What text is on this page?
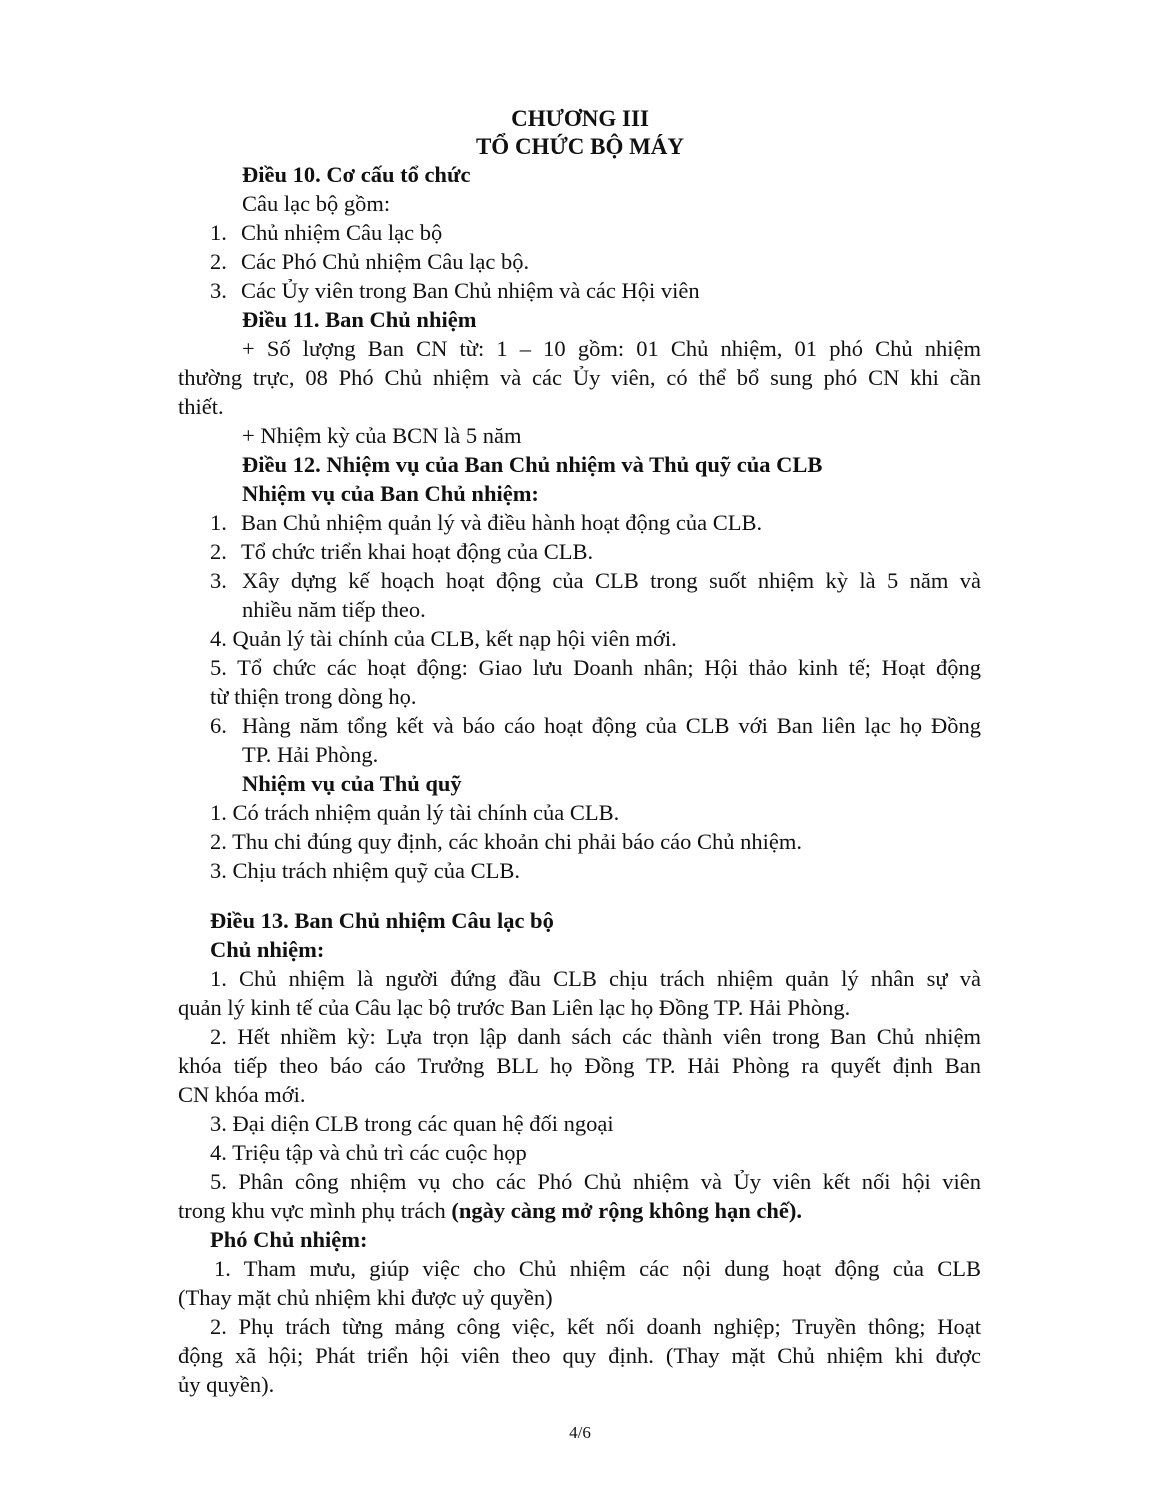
CHƯƠNG III
TỔ CHỨC BỘ MÁY
Điều 10. Cơ cấu tổ chức
Câu lạc bộ gồm:
1. Chủ nhiệm Câu lạc bộ
2. Các Phó Chủ nhiệm Câu lạc bộ.
3. Các Ủy viên trong Ban Chủ nhiệm và các Hội viên
Điều 11. Ban Chủ nhiệm
+ Số lượng Ban CN từ: 1 – 10 gồm: 01 Chủ nhiệm, 01 phó Chủ nhiệm
thường trực, 08 Phó Chủ nhiệm và các Ủy viên, có thể bổ sung phó CN khi cần
thiết.
+ Nhiệm kỳ của BCN là 5 năm
Điều 12. Nhiệm vụ của Ban Chủ nhiệm và Thủ quỹ của CLB
Nhiệm vụ của Ban Chủ nhiệm:
1. Ban Chủ nhiệm quản lý và điều hành hoạt động của CLB.
2. Tổ chức triển khai hoạt động của CLB.
3. Xây dựng kế hoạch hoạt động của CLB trong suốt nhiệm kỳ là 5 năm và
nhiều năm tiếp theo.
4. Quản lý tài chính của CLB, kết nạp hội viên mới.
5. Tổ chức các hoạt động: Giao lưu Doanh nhân; Hội thảo kinh tế; Hoạt động
từ thiện trong dòng họ.
6. Hàng năm tổng kết và báo cáo hoạt động của CLB với Ban liên lạc họ Đồng
TP. Hải Phòng.
Nhiệm vụ của Thủ quỹ
1. Có trách nhiệm quản lý tài chính của CLB.
2. Thu chi đúng quy định, các khoản chi phải báo cáo Chủ nhiệm.
3. Chịu trách nhiệm quỹ của CLB.
Điều 13. Ban Chủ nhiệm Câu lạc bộ
Chủ nhiệm:
1. Chủ nhiệm là người đứng đầu CLB chịu trách nhiệm quản lý nhân sự và
quản lý kinh tế của Câu lạc bộ trước Ban Liên lạc họ Đồng TP. Hải Phòng.
2. Hết nhiềm kỳ: Lựa trọn lập danh sách các thành viên trong Ban Chủ nhiệm
khóa tiếp theo báo cáo Trưởng BLL họ Đồng TP. Hải Phòng ra quyết định Ban
CN khóa mới.
3. Đại diện CLB trong các quan hệ đối ngoại
4. Triệu tập và chủ trì các cuộc họp
5. Phân công nhiệm vụ cho các Phó Chủ nhiệm và Ủy viên kết nối hội viên
trong khu vực mình phụ trách (ngày càng mở rộng không hạn chế).
Phó Chủ nhiệm:
1. Tham mưu, giúp việc cho Chủ nhiệm các nội dung hoạt động của CLB
(Thay mặt chủ nhiệm khi được uỷ quyền)
2. Phụ trách từng mảng công việc, kết nối doanh nghiệp; Truyền thông; Hoạt
động xã hội; Phát triển hội viên theo quy định. (Thay mặt Chủ nhiệm khi được
ủy quyền).
4/6
